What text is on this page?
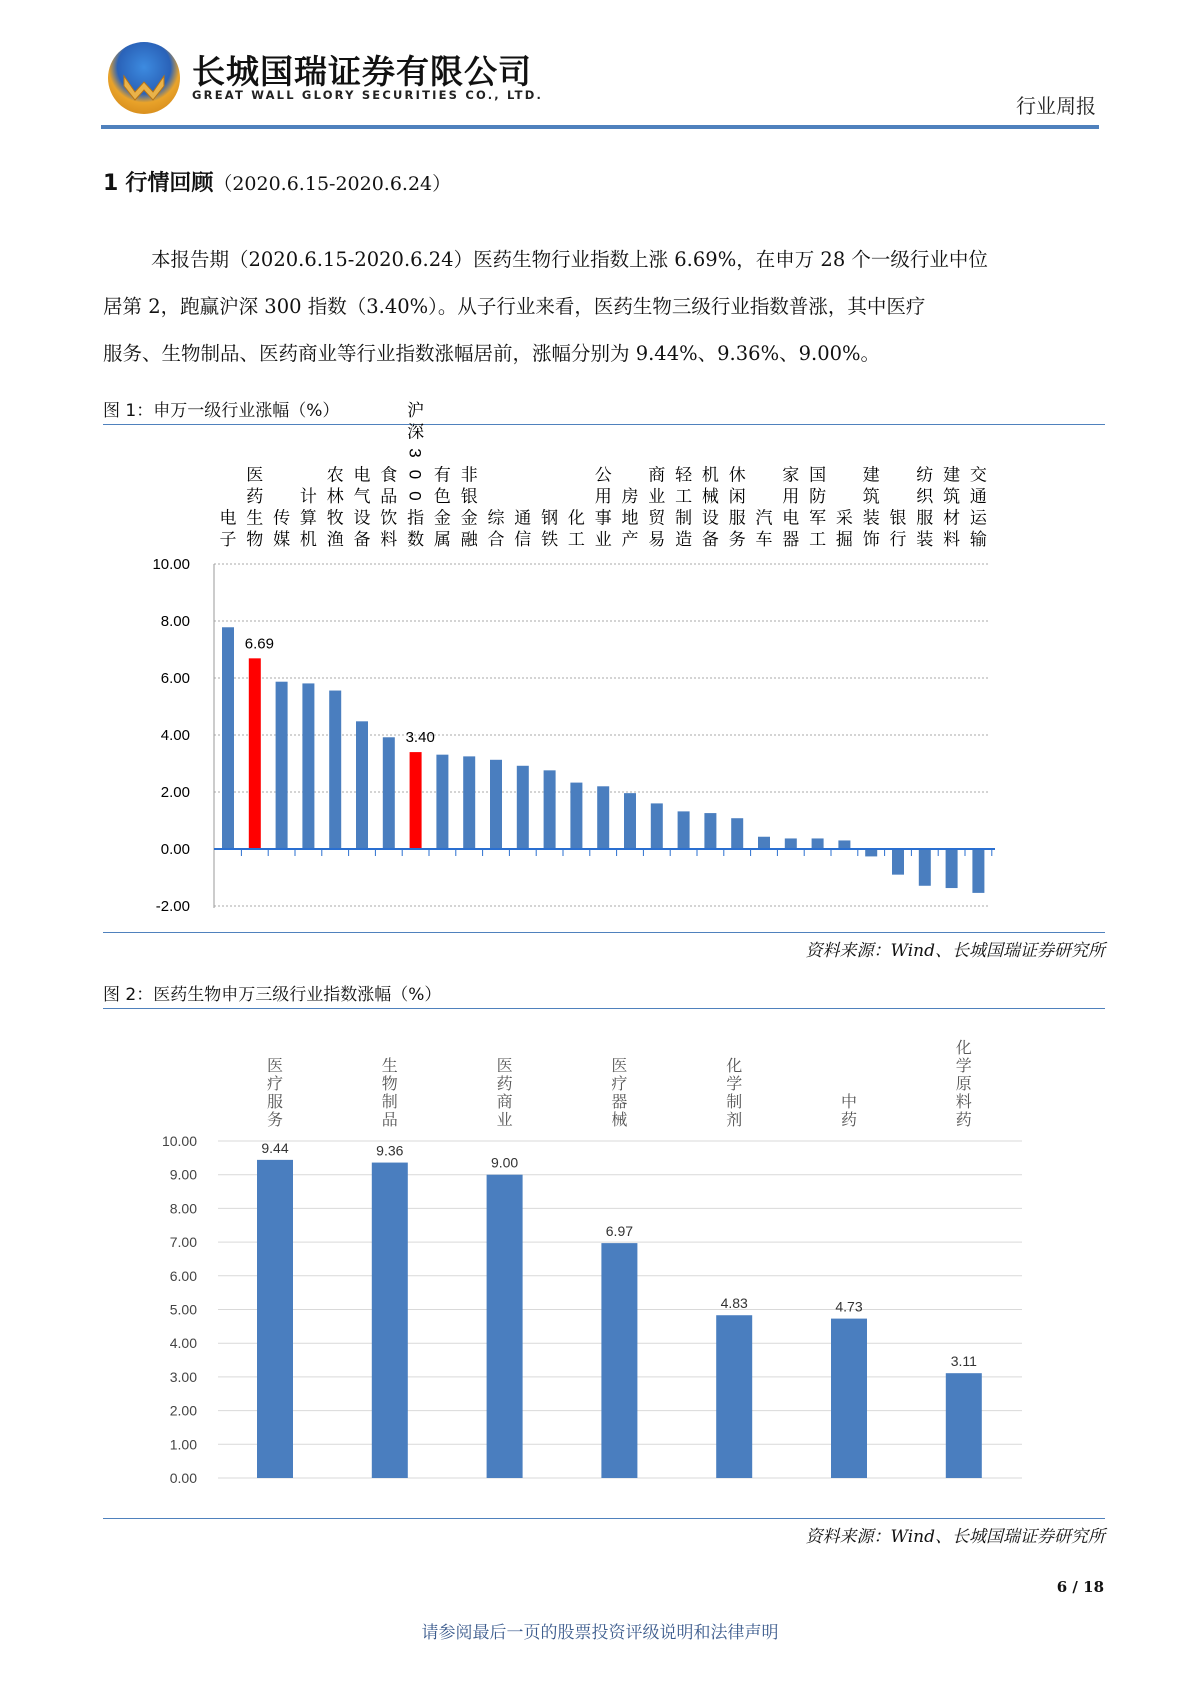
长城国瑞证券有限公司
GREAT WALL GLORY SECURITIES CO., LTD.	行业周报
1 行情回顾（2020.6.15-2020.6.24）
本报告期（2020.6.15-2020.6.24）医药生物行业指数上涨 6.69%，在申万 28 个一级行业中位
居第 2，跑赢沪深 300 指数（3.40%）。从子行业来看，医药生物三级行业指数普涨，其中医疗
服务、生物制品、医药商业等行业指数涨幅居前，涨幅分别为 9.44%、9.36%、9.00%。
图 1：申万一级行业涨幅（%）
10.00
8.00
6.00
4.00
2.00
0.00
-2.00
电
子
6.69
医
药
生
物
传
媒
计
算
机
农
林
牧
渔
电
气
设
备
食
品
饮
料
3.40
沪
深
3
0
0
指
数
有
色
金
属
非
银
金
融
综
合
通
信
钢
铁
化
工
公
用
事
业
房
地
产
商
业
贸
易
轻
工
制
造
机
械
设
备
休
闲
服
务
汽
车
家
用
电
器
国
防
军
工
采
掘
建
筑
装
饰
银
行
纺
织
服
装
建
筑
材
料
交
通
运
输
资料来源：Wind、长城国瑞证券研究所
图 2：医药生物申万三级行业指数涨幅（%）
10.00
9.00
8.00
7.00
6.00
5.00
4.00
3.00
2.00
1.00
0.00
9.44
医
疗
服
务
9.36
生
物
制
品
9.00
医
药
商
业
6.97
医
疗
器
械
4.83
化
学
制
剂
4.73
中
药
3.11
化
学
原
料
药
资料来源：Wind、长城国瑞证券研究所
6 / 18
请参阅最后一页的股票投资评级说明和法律声明
